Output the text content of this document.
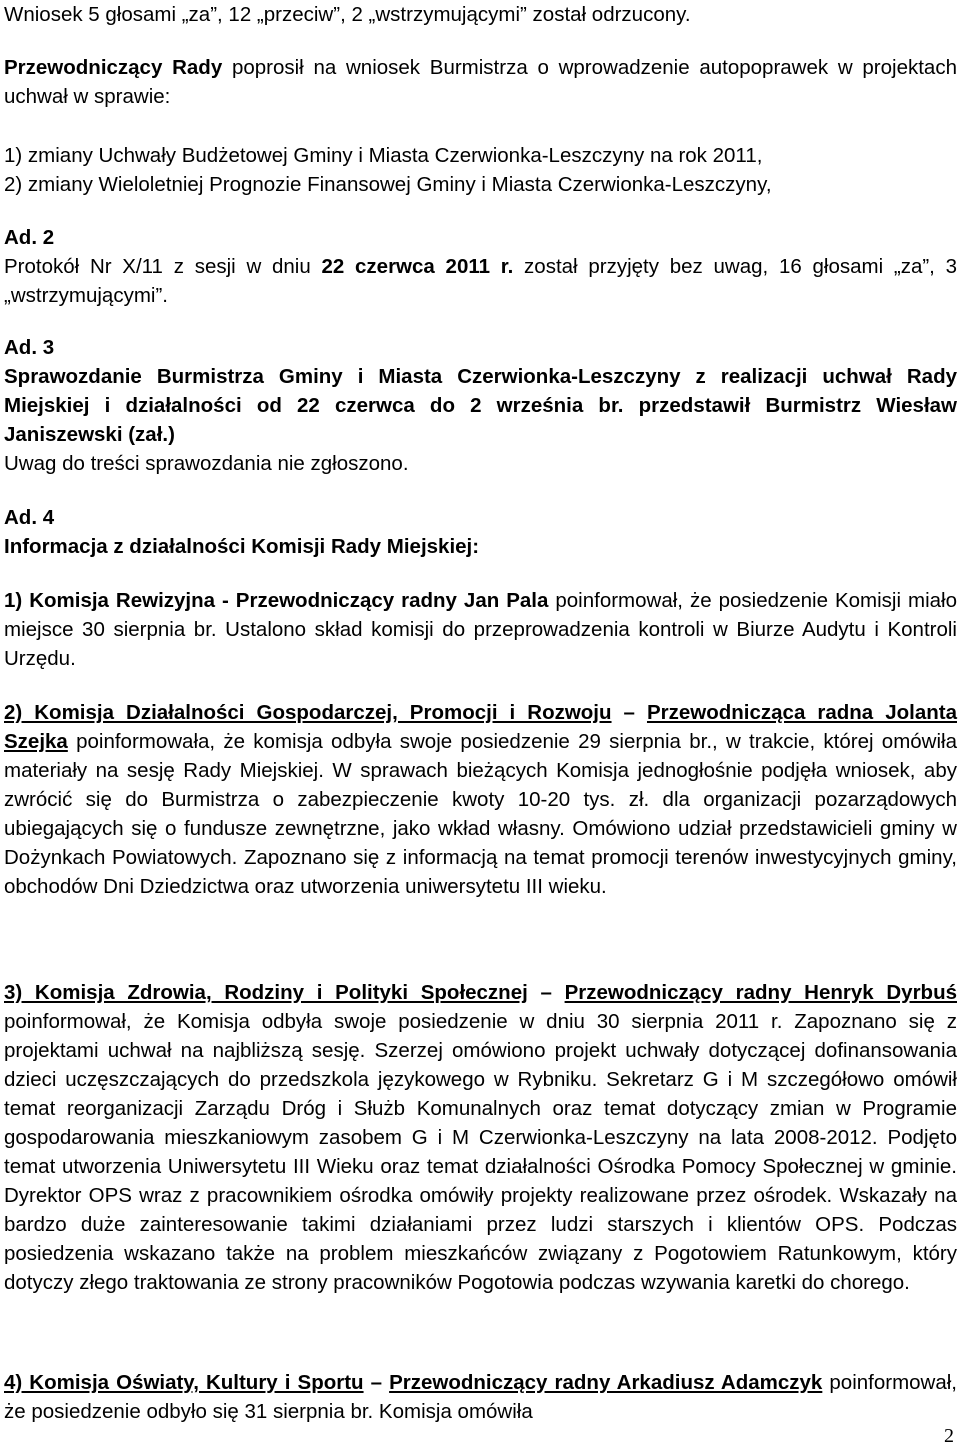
Wniosek 5 głosami „za”, 12 „przeciw”, 2 „wstrzymującymi” został odrzucony.

Przewodniczący Rady poprosił na wniosek Burmistrza o wprowadzenie autopoprawek w projektach uchwał w sprawie:

1) zmiany Uchwały Budżetowej Gminy i Miasta Czerwionka-Leszczyny na rok 2011,

2) zmiany Wieloletniej Prognozie Finansowej Gminy i Miasta Czerwionka-Leszczyny,

Ad. 2

Protokół Nr X/11 z sesji w dniu 22 czerwca 2011 r. został przyjęty bez uwag, 16 głosami „za”, 3 „wstrzymującymi”.

Ad. 3

Sprawozdanie Burmistrza Gminy i Miasta Czerwionka-Leszczyny z realizacji uchwał Rady Miejskiej i działalności od 22 czerwca do 2 września br. przedstawił Burmistrz Wiesław Janiszewski (zał.)

Uwag do treści sprawozdania nie zgłoszono.

Ad. 4

Informacja z działalności Komisji Rady Miejskiej:

1) Komisja Rewizyjna - Przewodniczący radny Jan Pala poinformował, że posiedzenie Komisji miało miejsce 30 sierpnia br. Ustalono skład komisji do przeprowadzenia kontroli w Biurze Audytu i Kontroli Urzędu.

2) Komisja Działalności Gospodarczej, Promocji i Rozwoju – Przewodnicząca radna Jolanta Szejka poinformowała, że komisja odbyła swoje posiedzenie 29 sierpnia br., w trakcie, której omówiła materiały na sesję Rady Miejskiej. W sprawach bieżących Komisja jednogłośnie podjęła wniosek, aby zwrócić się do Burmistrza o zabezpieczenie kwoty 10-20 tys. zł. dla organizacji pozarządowych ubiegających się o fundusze zewnętrzne, jako wkład własny. Omówiono udział przedstawicieli gminy w Dożynkach Powiatowych. Zapoznano się z informacją na temat promocji terenów inwestycyjnych gminy, obchodów Dni Dziedzictwa oraz utworzenia uniwersytetu III wieku.

3) Komisja Zdrowia, Rodziny i Polityki Społecznej – Przewodniczący radny Henryk Dyrbuś poinformował, że Komisja odbyła swoje posiedzenie w dniu 30 sierpnia 2011 r. Zapoznano się z projektami uchwał na najbliższą sesję. Szerzej omówiono projekt uchwały dotyczącej dofinansowania dzieci uczęszczających do przedszkola językowego w Rybniku. Sekretarz G i M szczegółowo omówił temat reorganizacji Zarządu Dróg i Służb Komunalnych oraz temat dotyczący zmian w Programie gospodarowania mieszkaniowym zasobem G i M Czerwionka-Leszczyny na lata 2008-2012. Podjęto temat utworzenia Uniwersytetu III Wieku oraz temat działalności Ośrodka Pomocy Społecznej w gminie. Dyrektor OPS wraz z pracownikiem ośrodka omówiły projekty realizowane przez ośrodek. Wskazały na bardzo duże zainteresowanie takimi działaniami przez ludzi starszych i klientów OPS. Podczas posiedzenia wskazano także na problem mieszkańców związany z Pogotowiem Ratunkowym, który dotyczy złego traktowania ze strony pracowników Pogotowia podczas wzywania karetki do chorego.

4) Komisja Oświaty, Kultury i Sportu – Przewodniczący radny Arkadiusz Adamczyk poinformował, że posiedzenie odbyło się 31 sierpnia br. Komisja omówiła

2
